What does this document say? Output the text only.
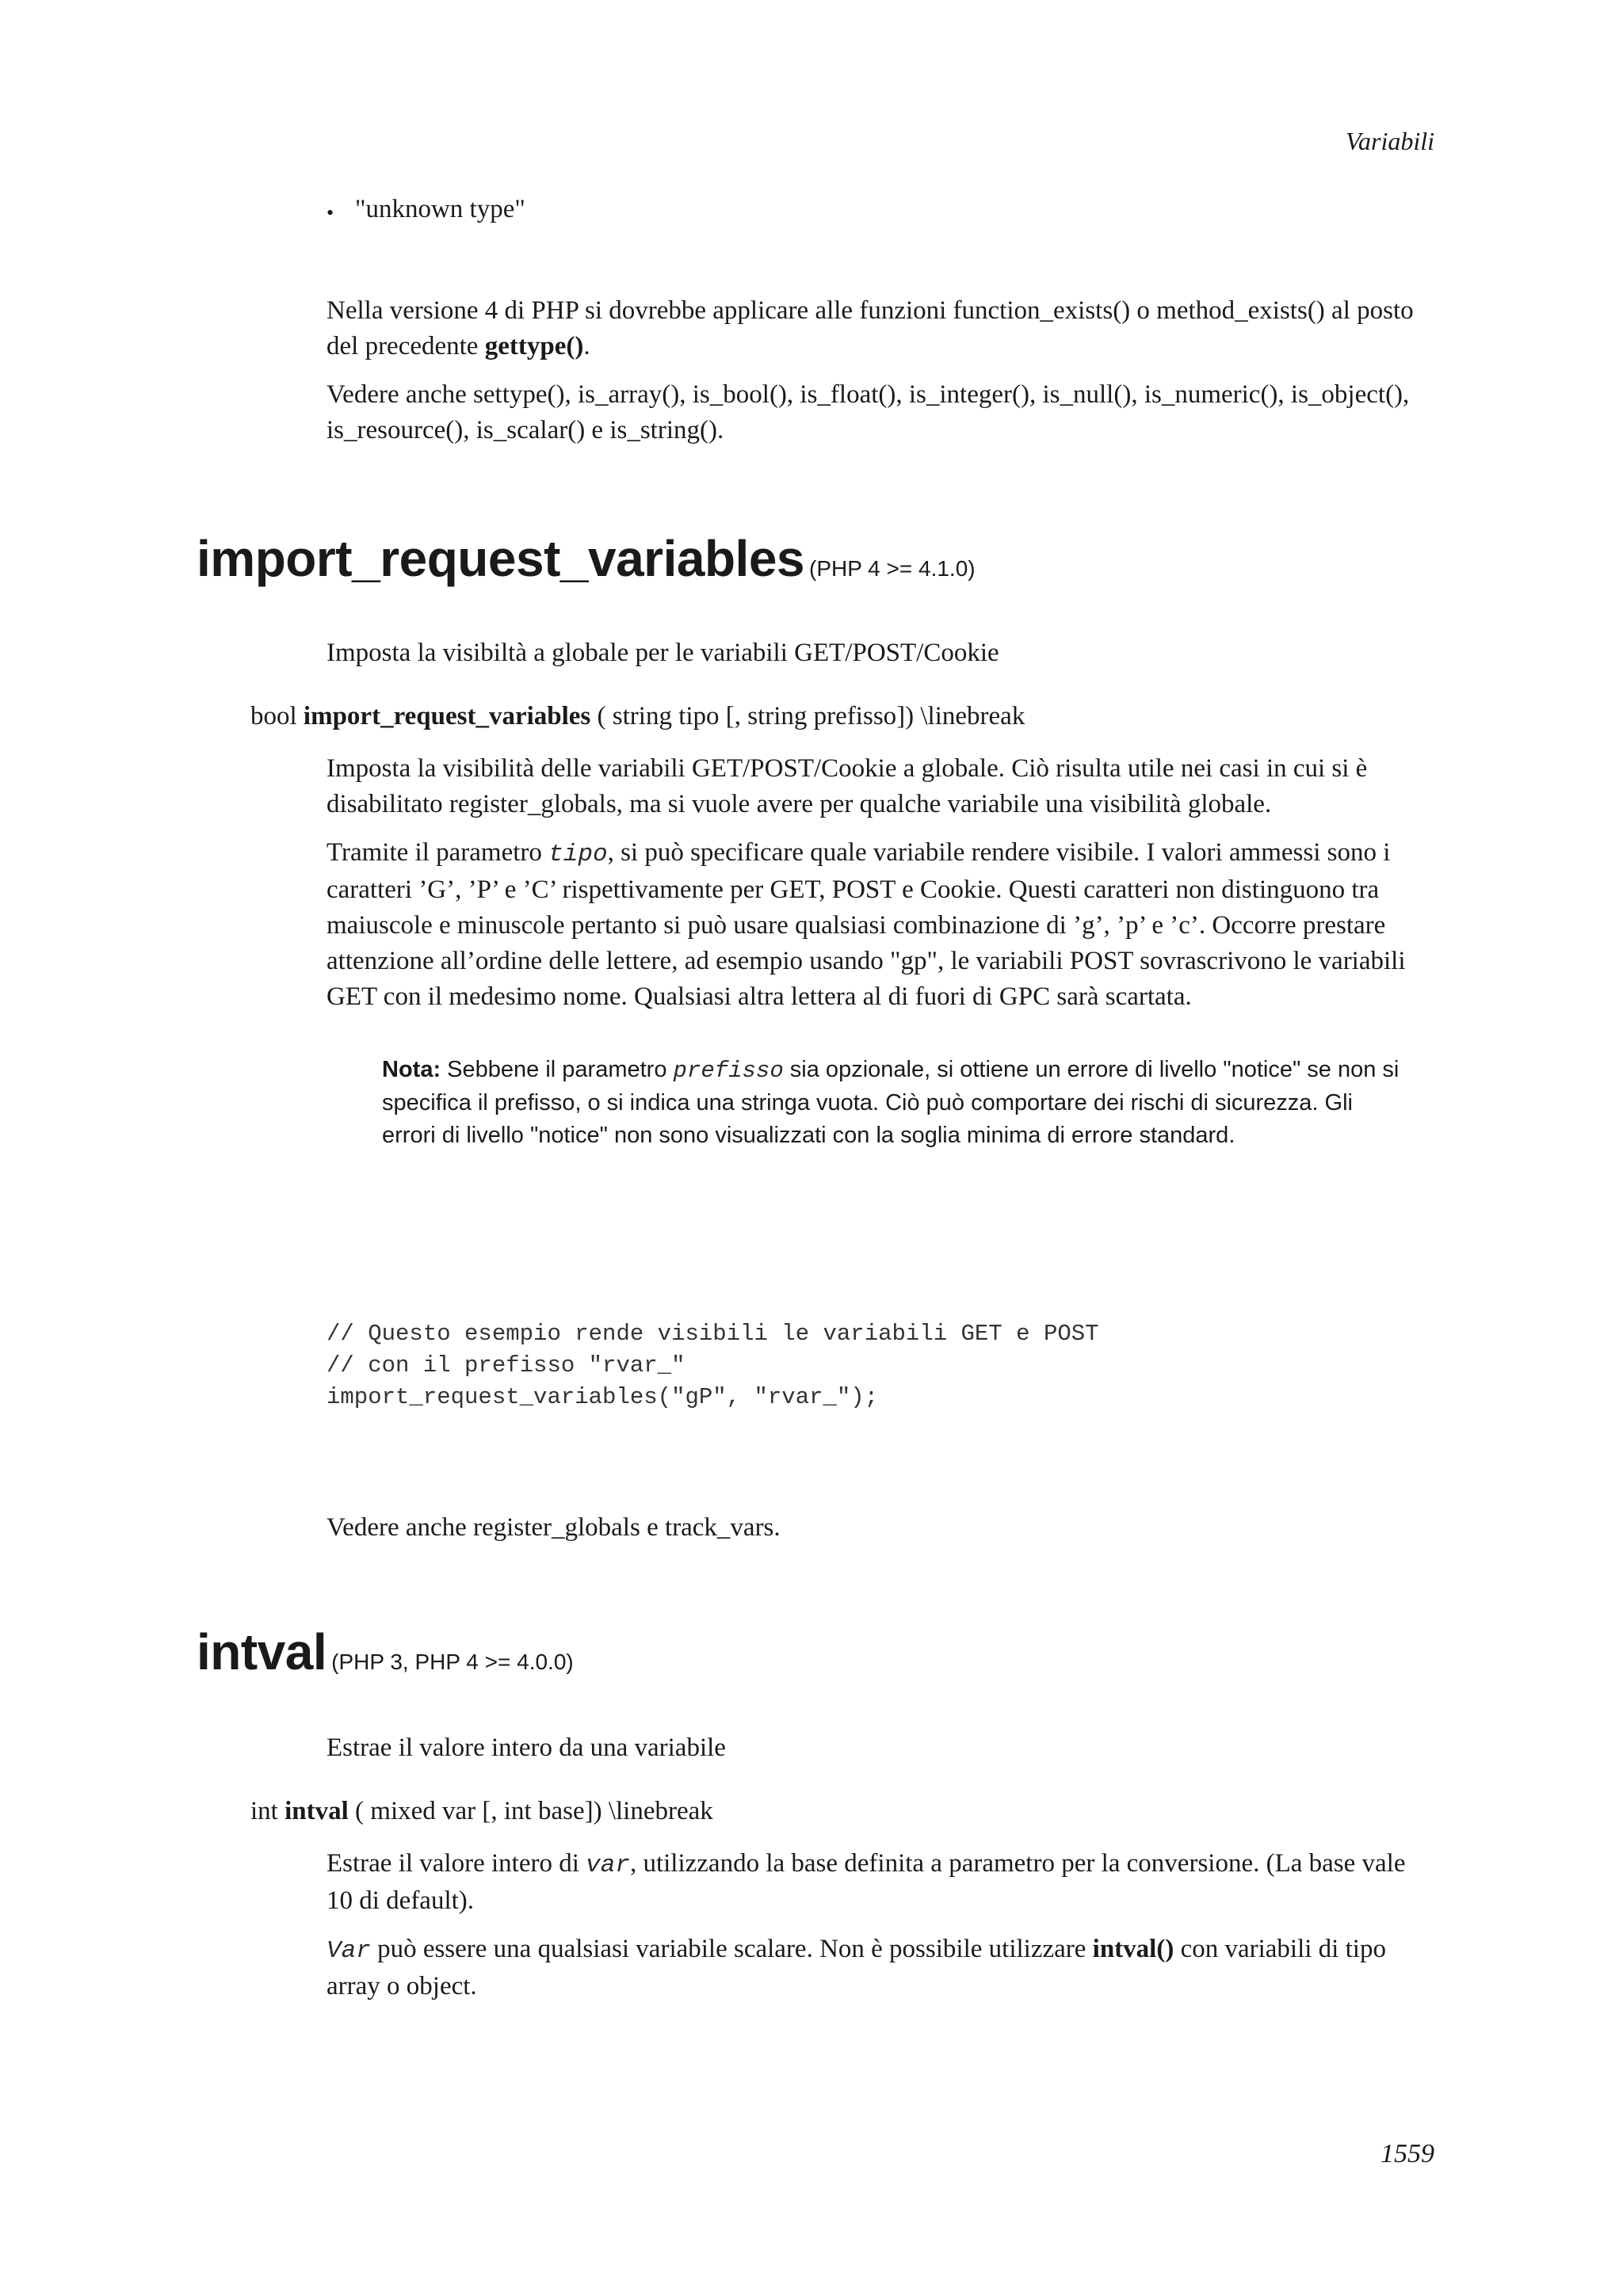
Variabili
• "unknown type"

Nella versione 4 di PHP si dovrebbe applicare alle funzioni function_exists() o method_exists() al posto del precedente gettype().

Vedere anche settype(), is_array(), is_bool(), is_float(), is_integer(), is_null(), is_numeric(), is_object(), is_resource(), is_scalar() e is_string().

import_request_variables (PHP 4 >= 4.1.0)
Imposta la visibiltà a globale per le variabili GET/POST/Cookie
bool import_request_variables ( string tipo [, string prefisso]) \linebreak

Imposta la visibilità delle variabili GET/POST/Cookie a globale. Ciò risulta utile nei casi in cui si è disabilitato register_globals, ma si vuole avere per qualche variabile una visibilità globale.

Tramite il parametro tipo, si può specificare quale variabile rendere visibile. I valori ammessi sono i caratteri ’G’, ’P’ e ’C’ rispettivamente per GET, POST e Cookie. Questi caratteri non distinguono tra maiuscole e minuscole pertanto si può usare qualsiasi combinazione di ’g’, ’p’ e ’c’. Occorre prestare attenzione all’ordine delle lettere, ad esempio usando "gp", le variabili POST sovrascrivono le variabili GET con il medesimo nome. Qualsiasi altra lettera al di fuori di GPC sarà scartata.

Nota: Sebbene il parametro prefisso sia opzionale, si ottiene un errore di livello "notice" se non si specifica il prefisso, o si indica una stringa vuota. Ciò può comportare dei rischi di sicurezza. Gli errori di livello "notice" non sono visualizzati con la soglia minima di errore standard.
// Questo esempio rende visibili le variabili GET e POST
// con il prefisso "rvar_"
import_request_variables("gP", "rvar_");
Vedere anche register_globals e track_vars.
intval (PHP 3, PHP 4 >= 4.0.0)
Estrae il valore intero da una variabile
int intval ( mixed var [, int base]) \linebreak

Estrae il valore intero di var, utilizzando la base definita a parametro per la conversione. (La base vale 10 di default).

Var può essere una qualsiasi variabile scalare. Non è possibile utilizzare intval() con variabili di tipo array o object.

1559
